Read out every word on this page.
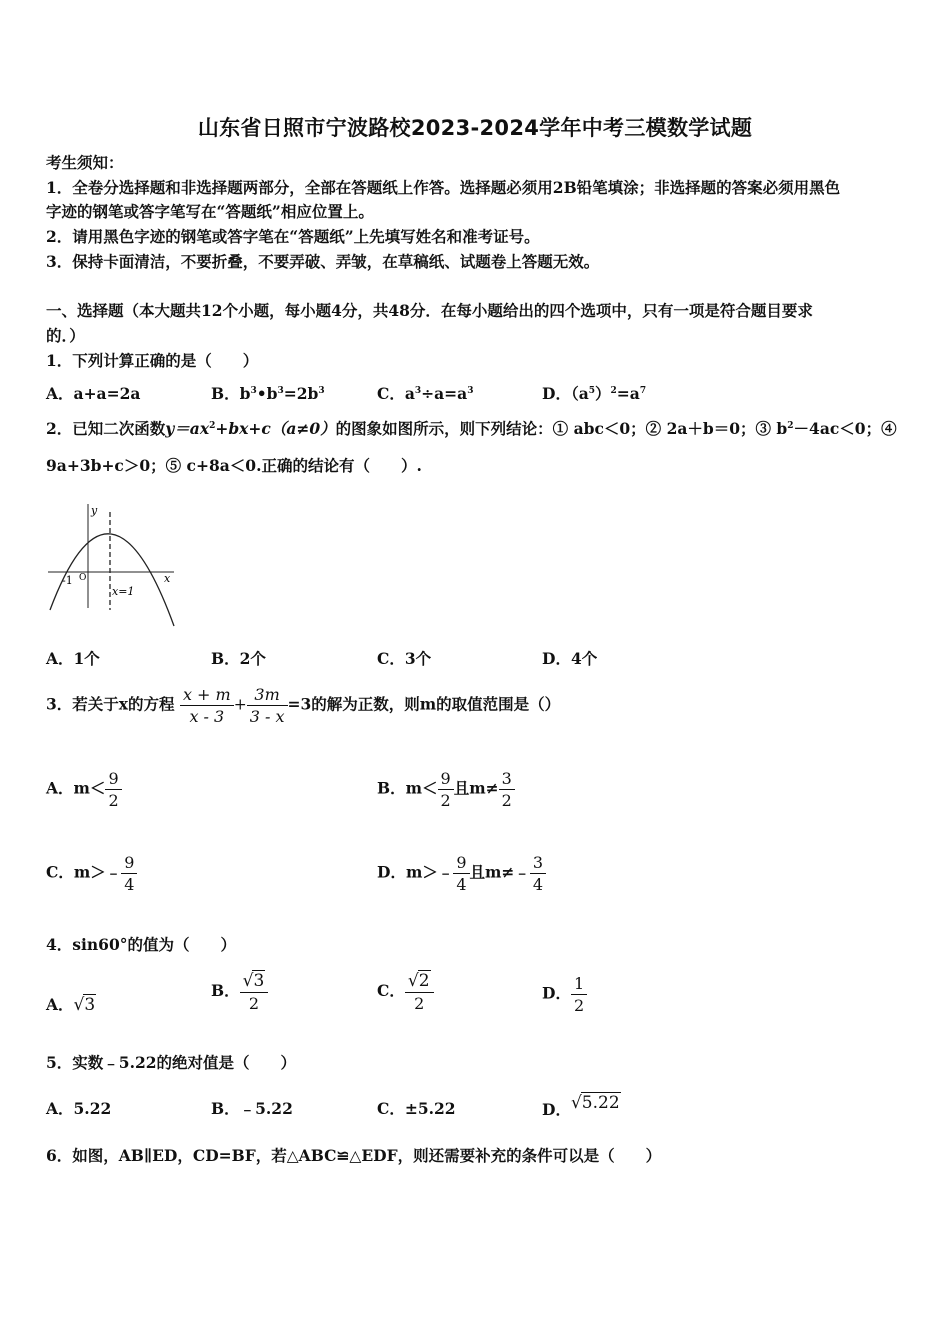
山东省日照市宁波路校2023-2024学年中考三模数学试题
考生须知：
1．全卷分选择题和非选择题两部分，全部在答题纸上作答。选择题必须用2B铅笔填涂；非选择题的答案必须用黑色
字迹的钢笔或答字笔写在“答题纸”相应位置上。
2．请用黑色字迹的钢笔或答字笔在“答题纸”上先填写姓名和准考证号。
3．保持卡面清洁，不要折叠，不要弄破、弄皱，在草稿纸、试题卷上答题无效。
一、选择题（本大题共12个小题，每小题4分，共48分．在每小题给出的四个选项中，只有一项是符合题目要求
的．）
1．下列计算正确的是（　　）
A．a+a=2a	B．$b^3•b^3=2b^3$	C．$a^3\div a=a^3$	D．$(a^5)^2=a^7$
2．已知二次函数$y=ax^2+bx+c(a\ne 0)$的图象如图所示，则下列结论：① abc＜0；② 2a＋b＝0；③ $b^2-4ac<0$；④
9a+3b+c＞0；⑤ c+8a＜0.正确的结论有（　　）.
y
x
-1 O
x=1
A．1个	B．2个	C．3个	D．4个
3．若关于x的方程 $\frac{x + m}{x - 3} + \frac{3m}{3 - x} =3$的解为正数，则m的取值范围是（）
A．$m< \frac{9}{2}$	B．$m< \frac{9}{2}$ 且$m\ne \frac{3}{2}$
C．m＞﹣ $\frac{9}{4}$	D．m＞﹣ $\frac{9}{4}$ 且m≠﹣ $\frac{3}{4}$
4．sin60°的值为（　　）
A．√3
B． $\frac{√3}{2}$	C． $\frac{√2}{2}$	D． $\frac{1}{2}$
5．实数﹣5.22的绝对值是（　　）
A．5.22	B．﹣5.22	C．±5.22	D．√5.22
6．如图，AB∥ED，CD=BF，若△ABC≌△EDF，则还需要补充的条件可以是（　　）
